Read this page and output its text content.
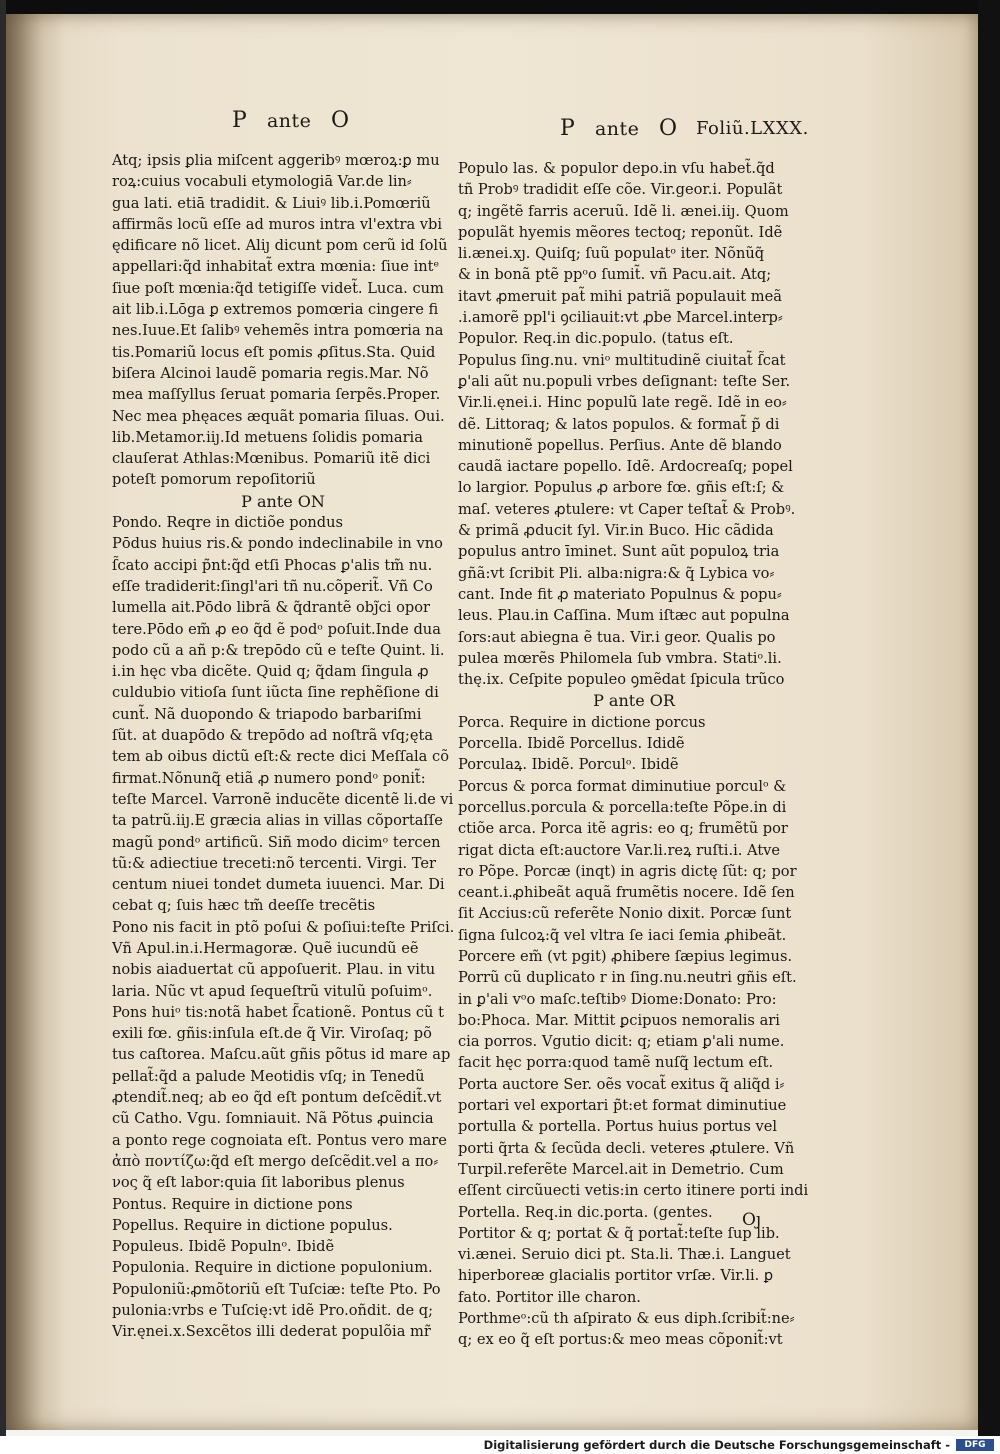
P ante O	P ante O Foliũ.LXXX.
Atq; ipsis ꝑlia miſcent aggeribꝰ mœroꝝ:ꝑ mu
roꝝ:cuius vocabuli etymologiā Var.de lin⸗
gua lati. etiā tradidit. & Liuiꝰ lib.i.Pomœriũ
affirmãs locũ eſſe ad muros intra vl'extra vbi
ędificare nõ licet. Aliȷ dicunt pom cerũ id ſolũ
appellari:q̃d inhabitat̃ extra mœnia: ſiue intᵉ
ſiue poſt mœnia:q̃d tetigiſſe videt̃. Luca. cum
ait lib.i.Lōga ꝑ extremos pomœria cingere fi
nes.Iuue.Et ſalibꝰ vehemẽs intra pomœria na
tis.Pomariũ locus eſt pomis ꝓſitus.Sta. Quid
biſera Alcinoi laudẽ pomaria regis.Mar. Nõ
mea maſſyllus ſeruat pomaria ſerpẽs.Proper.
Nec mea phęaces æquãt pomaria ſiluas. Oui.
lib.Metamor.iiȷ.Id metuens ſolidis pomaria
clauſerat Athlas:Mœnibus. Pomariũ itẽ dici
poteſt pomorum repoſitoriũ
P ante ON
Pondo. Reqre in dictiõe pondus
Pōdus huius ris.& pondo indeclinabile in vno
ſ̃cato accipi p̃nt:q̃d etſi Phocas ꝑ'alis tm̃ nu.
eſſe tradiderit:ſingl'ari tñ nu.cõperit̃. Vñ Co
lumella ait.Pōdo librã & q̃drantẽ obȷ̃ci opor
tere.Pōdo em̃ ꝓ eo q̃d ẽ podᵒ poſuit.Inde dua
podo cũ a añ p:& trepōdo cũ e teſte Quint. li.
i.in hęc vba dicẽte. Quid q; q̃dam ſingula ꝓ
culdubio vitioſa ſunt iũcta ſine rephẽſione di
cunt̃. Nã duopondo & triapodo barbariſmi
ſũt. at duapōdo & trepōdo ad noſtrã vſq;ęta
tem ab oibus dictũ eſt:& recte dici Meſſala cõ
firmat.Nõnunq̃ etiã ꝓ numero pondᵒ ponit̃:
teſte Marcel. Varronẽ inducẽte dicentẽ li.de vi
ta patrũ.iiȷ.E græcia alias in villas cõportaſſe
magũ pondᵒ artificũ. Siñ modo dicimᵒ tercen
tũ:& adiectiue treceti:nõ tercenti. Virgi. Ter
centum niuei tondet dumeta iuuenci. Mar. Di
cebat q; ſuis hæc tm̃ deeſſe trecẽtis
Pono nis facit in ptõ poſui & poſiui:teſte Priſci.
Vñ Apul.in.i.Hermagoræ. Quẽ iucundũ eẽ
nobis aiaduertat cũ appoſuerit. Plau. in vitu
laria. Nũc vt apud ſequeſtrũ vitulũ poſuimᵒ.
Pons huiᵒ tis:notã habet ſ̃cationẽ. Pontus cũ t
exili fœ. gñis:inſula eſt.de q̃ Vir. Viroſaq; põ
tus caſtorea. Maſcu.aũt gñis põtus id mare ap
pellat̃:q̃d a palude Meotidis vſq; in Tenedũ
ꝓtendit̃.neq; ab eo q̃d eſt pontum deſcẽdit̃.vt
cũ Catho. Vgu. ſomniauit. Nã Põtus ꝓuincia
a ponto rege cognoiata eſt. Pontus vero mare
ἀπὸ ποντίζω:q̃d eſt mergo deſcẽdit.vel a πο⸗
νος q̃ eſt labor:quia ſit laboribus plenus
Pontus. Require in dictione pons
Popellus. Require in dictione populus.
Populeus. Ibidẽ Populnᵒ. Ibidẽ
Populonia. Require in dictione populonium.
Populoniũ:ꝓmõtoriũ eſt Tuſciæ: teſte Pto. Po
pulonia:vrbs e Tuſcię:vt idẽ Pro.oñdit. de q;
Vir.ęnei.x.Sexcẽtos illi dederat populõia mr̃
Populo las. & populor depo.in vſu habet̃.q̃d
tñ Probꝰ tradidit eſſe cõe. Vir.geor.i. Populãt
q; ingẽtẽ farris aceruũ. Idẽ li. ænei.iiȷ. Quom
populãt hyemis mẽores tectoq; reponũt. Idẽ
li.ænei.xȷ. Quiſq; ſuũ populatᵒ iter. Nõnũq̃
& in bonã ptẽ ppᵒo ſumit̃. vñ Pacu.ait. Atq;
itavt ꝓmeruit pat̃ mihi patriã populauit meã
.i.amorẽ ppl'i ꝯciliauit:vt ꝓbe Marcel.interp⸗
Populor. Req.in dic.populo. (tatus eſt.
Populus ſing.nu. vniᵒ multitudinẽ ciuitat̃ ſ̃cat
ꝑ'ali aũt nu.populi vrbes deſignant: teſte Ser.
Vir.li.ęnei.i. Hinc populũ late regẽ. Idẽ in eo⸗
dẽ. Littoraq; & latos populos. & format̃ p̃ di
minutionẽ popellus. Perſius. Ante dẽ blando
caudã iactare popello. Idẽ. Ardocreaſq; popel
lo largior. Populus ꝓ arbore fœ. gñis eſt:ſ; &
maſ. veteres ꝓtulere: vt Caper teſtat̃ & Probꝰ.
& primã ꝓducit ſyl. Vir.in Buco. Hic cãdida
populus antro īminet. Sunt aũt populoꝝ tria
gñã:vt ſcribit Pli. alba:nigra:& q̃ Lybica vo⸗
cant. Inde fit ꝓ materiato Populnus & popu⸗
leus. Plau.in Caſſina. Mum iſtæc aut populna
ſors:aut abiegna ẽ tua. Vir.i geor. Qualis po
pulea mœrẽs Philomela ſub vmbra. Statiᵒ.li.
thę.ix. Ceſpite populeo ꝯmẽdat ſpicula trũco
P ante OR
Porca. Require in dictione porcus
Porcella. Ibidẽ Porcellus. Ididẽ
Porculaꝝ. Ibidẽ. Porculᵒ. Ibidẽ
Porcus & porca format diminutiue porculᵒ &
porcellus.porcula & porcella:teſte Põpe.in di
ctiõe arca. Porca itẽ agris: eo q; frumẽtũ por
rigat dicta eſt:auctore Var.li.reꝝ ruſti.i. Atve
ro Põpe. Porcæ (inqt) in agris dictę ſũt: q; por
ceant.i.ꝓhibeãt aquã frumẽtis nocere. Idẽ ſen
ſit Accius:cũ referẽte Nonio dixit. Porcæ ſunt
ſigna ſulcoꝝ:q̃ vel vltra ſe iaci ſemia ꝓhibeãt.
Porcere em̃ (vt pgit) ꝓhibere ſæpius legimus.
Porrũ cũ duplicato r in ſing.nu.neutri gñis eſt.
in ꝑ'ali vᵒo maſc.teſtibꝰ Diome:Donato: Pro:
bo:Phoca. Mar. Mittit ꝑcipuos nemoralis ari
cia porros. Vgutio dicit: q; etiam ꝑ'ali nume.
facit hęc porra:quod tamẽ nuſq̃ lectum eſt.
Porta auctore Ser. oẽs vocat̃ exitus q̃ aliq̃d i⸗
portari vel exportari p̃t:et format diminutiue
portulla & portella. Portus huius portus vel
porti q̃rta & ſecũda decli. veteres ꝓtulere. Vñ
Turpil.referẽte Marcel.ait in Demetrio. Cum
eſſent circũuecti vetis:in certo itinere porti indi
Portella. Req.in dic.porta. (gentes.
Portitor & q; portat & q̃ portat̃:teſte ſup lib.
vi.ænei. Seruio dici pt. Sta.li. Thæ.i. Languet
hiperboreæ glacialis portitor vrſæ. Vir.li. ꝑ
fato. Portitor ille charon.
Porthmeᵒ:cũ th aſpirato & eus diph.ſcribit̃:ne⸗
q; ex eo q̃ eſt portus:& meo meas cõponit̃:vt
Oȷ
Digitalisierung gefördert durch die Deutsche Forschungsgemeinschaft -	DFG
